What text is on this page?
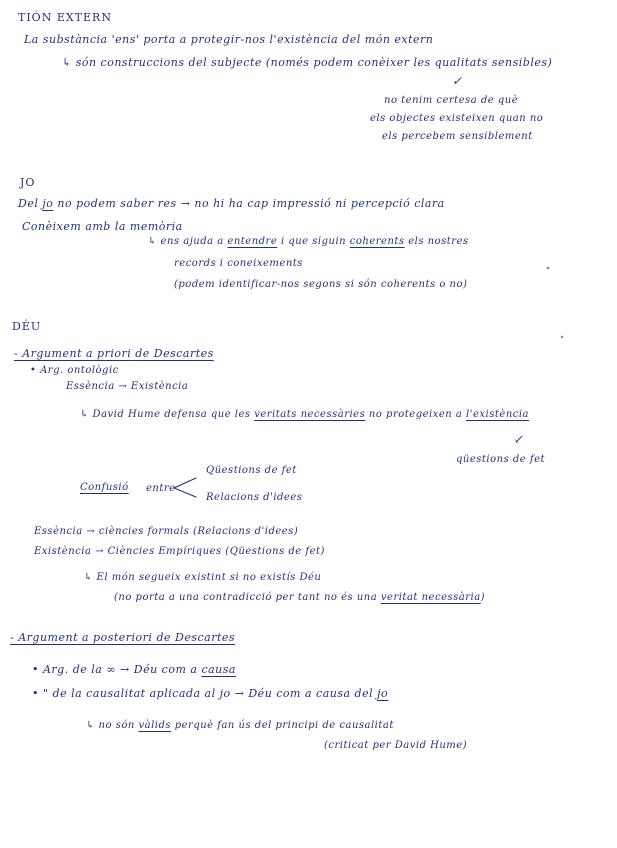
TIÓN EXTERN
La substància 'ens' porta a protegir-nos l'existència del món extern
↳ són construccions del subjecte (només podem conèixer les qualitats sensibles)
✓
no tenim certesa de què
els objectes existeixen quan no
els percebem sensiblement
JO
Del jo no podem saber res → no hi ha cap impressió ni percepció clara
Conèixem amb la memòria
↳ ens ajuda a entendre i que siguin coherents els nostres
records i coneixements
(podem identificar-nos segons si són coherents o no)
DÉU
- Argument a priori de Descartes
• Arg. ontològic
Essència → Existència
↳ David Hume defensa que les veritats necessàries no protegeixen a l'existència
↙
qüestions de fet
Qüestions de fet
Confusió entre
Relacions d'idees
Essència → ciències formals (Relacions d'idees)
Existència → Ciències Empíriques (Qüestions de fet)
↳ El món segueix existint si no existís Déu
(no porta a una contradicció per tant no és una veritat necessària)
- Argument a posteriori de Descartes
• Arg. de la ∞ → Déu com a causa
• " de la causalitat aplicada al jo → Déu com a causa del jo
↳ no són vàlids perquè fan ús del principi de causalitat
(criticat per David Hume)
